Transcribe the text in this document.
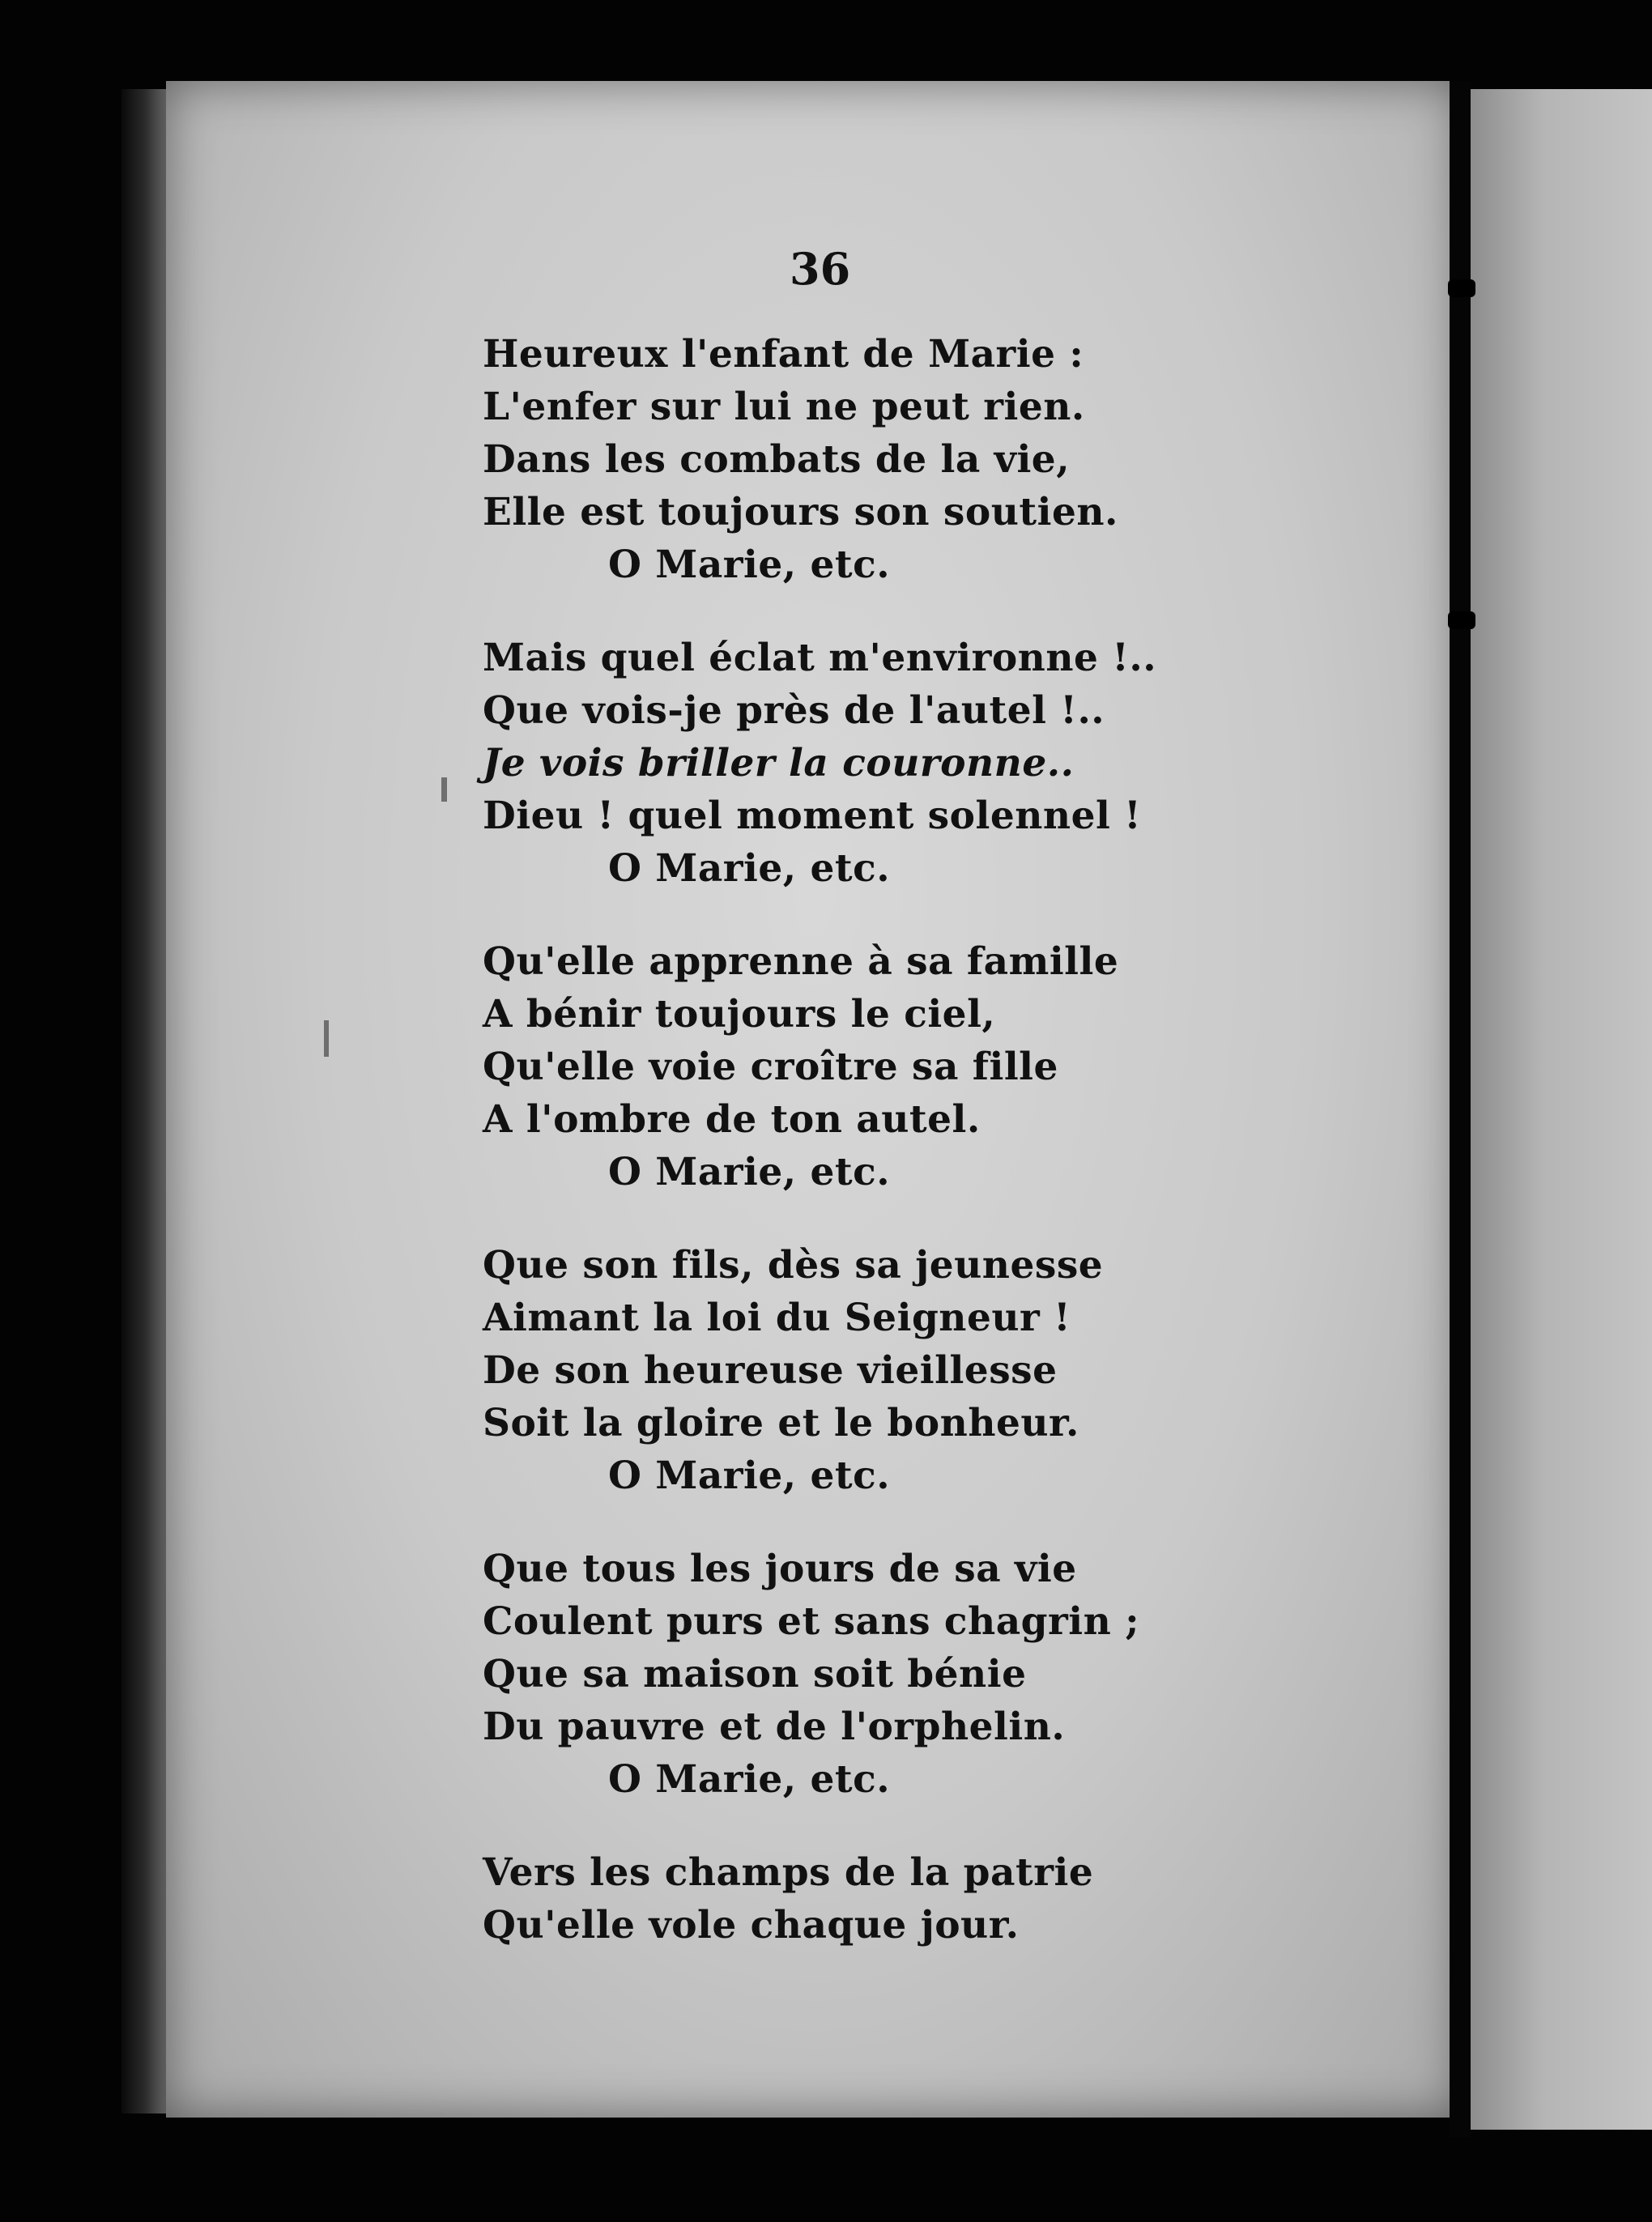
36
Heureux l'enfant de Marie :
L'enfer sur lui ne peut rien.
Dans les combats de la vie,
Elle est toujours son soutien.
O Marie, etc.
Mais quel éclat m'environne !..
Que vois-je près de l'autel !..
Je vois briller la couronne..
Dieu ! quel moment solennel !
O Marie, etc.
Qu'elle apprenne à sa famille
A bénir toujours le ciel,
Qu'elle voie croître sa fille
A l'ombre de ton autel.
O Marie, etc.
Que son fils, dès sa jeunesse
Aimant la loi du Seigneur !
De son heureuse vieillesse
Soit la gloire et le bonheur.
O Marie, etc.
Que tous les jours de sa vie
Coulent purs et sans chagrin ;
Que sa maison soit bénie
Du pauvre et de l'orphelin.
O Marie, etc.
Vers les champs de la patrie
Qu'elle vole chaque jour.
